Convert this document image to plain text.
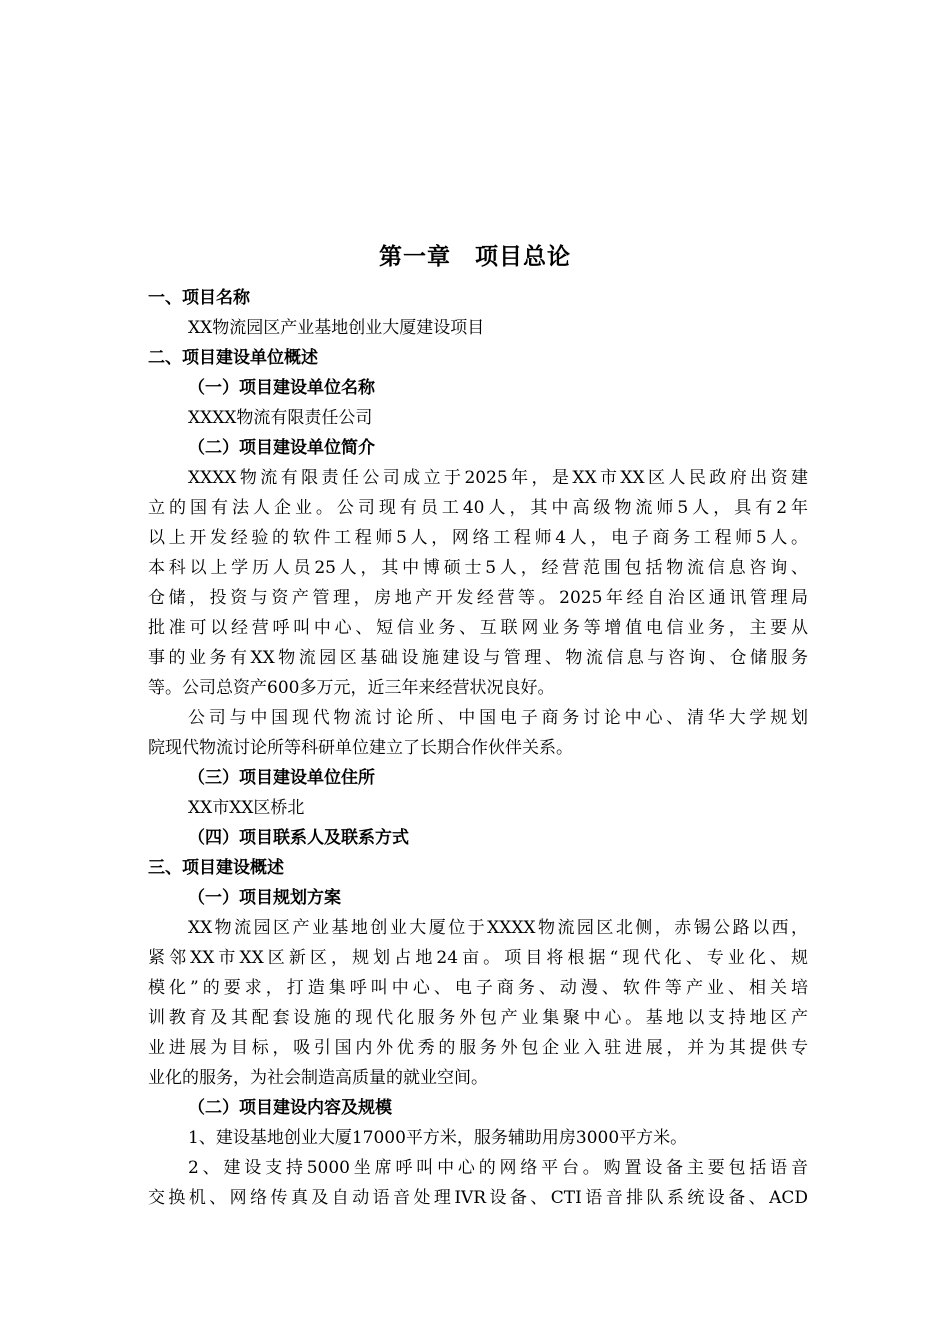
第一章　项目总论
一、项目名称
XX物流园区产业基地创业大厦建设项目
二、项目建设单位概述
（一）项目建设单位名称
XXXX物流有限责任公司
（二）项目建设单位简介
XXXX物流有限责任公司成立于2025年，是XX市XX区人民政府出资建
立的国有法人企业。公司现有员工40人，其中高级物流师5人，具有2年
以上开发经验的软件工程师5人，网络工程师4人，电子商务工程师5人。
本科以上学历人员25人，其中博硕士5人，经营范围包括物流信息咨询、
仓储，投资与资产管理，房地产开发经营等。2025年经自治区通讯管理局
批准可以经营呼叫中心、短信业务、互联网业务等增值电信业务，主要从
事的业务有XX物流园区基础设施建设与管理、物流信息与咨询、仓储服务
等。公司总资产600多万元，近三年来经营状况良好。
公司与中国现代物流讨论所、中国电子商务讨论中心、清华大学规划
院现代物流讨论所等科研单位建立了长期合作伙伴关系。
（三）项目建设单位住所
XX市XX区桥北
（四）项目联系人及联系方式
三、项目建设概述
（一）项目规划方案
XX物流园区产业基地创业大厦位于XXXX物流园区北侧，赤锡公路以西，
紧邻XX市XX区新区，规划占地24亩。项目将根据“现代化、专业化、规
模化”的要求，打造集呼叫中心、电子商务、动漫、软件等产业、相关培
训教育及其配套设施的现代化服务外包产业集聚中心。基地以支持地区产
业进展为目标，吸引国内外优秀的服务外包企业入驻进展，并为其提供专
业化的服务，为社会制造高质量的就业空间。
（二）项目建设内容及规模
1、建设基地创业大厦17000平方米，服务辅助用房3000平方米。
2、建设支持5000坐席呼叫中心的网络平台。购置设备主要包括语音
交换机、网络传真及自动语音处理IVR设备、CTI语音排队系统设备、ACD
